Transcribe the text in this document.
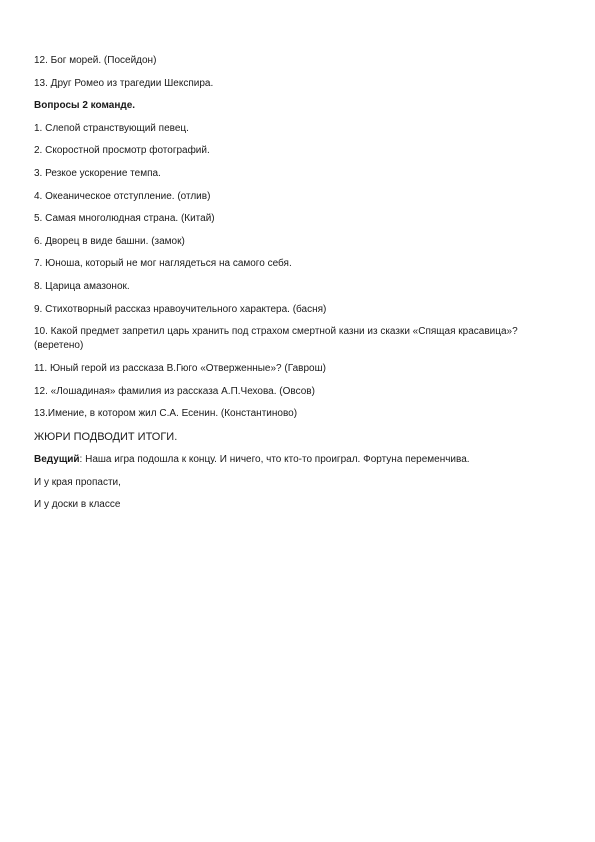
12. Бог морей. (Посейдон)

13. Друг Ромео из трагедии Шекспира.

Вопросы 2 команде.

1. Слепой странствующий певец.

2. Скоростной просмотр фотографий.

3. Резкое ускорение темпа.

4. Океаническое отступление. (отлив)

5. Самая многолюдная страна. (Китай)

6. Дворец в виде башни. (замок)

7. Юноша, который не мог наглядеться на самого себя.

8. Царица амазонок.

9. Стихотворный рассказ нравоучительного характера. (басня)

10. Какой предмет запретил царь хранить под страхом смертной казни из сказки «Спящая красавица»? (веретено)

11. Юный герой из рассказа В.Гюго «Отверженные»? (Гаврош)

12. «Лошадиная» фамилия из рассказа А.П.Чехова. (Овсов)

13.Имение, в котором жил С.А. Есенин. (Константиново)

ЖЮРИ ПОДВОДИТ ИТОГИ.

Ведущий: Наша игра подошла к концу. И ничего, что кто-то проиграл. Фортуна переменчива.

И у края пропасти,

И у доски в классе
